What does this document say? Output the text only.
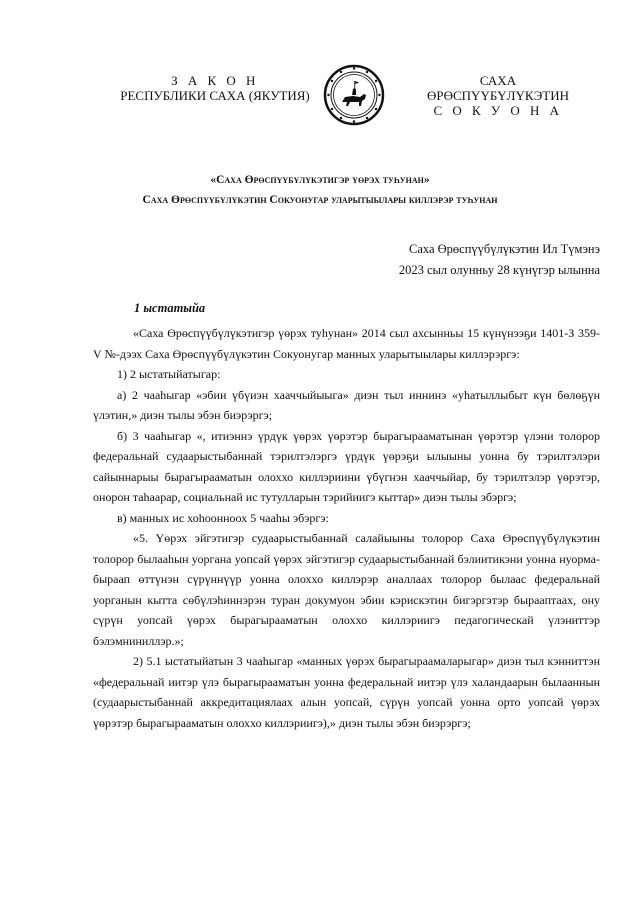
З А К О Н
РЕСПУБЛИКИ САХА (ЯКУТИЯ)
САХА ӨРӨСПҮҮБҮЛҮКЭТИН
С О К У О Н А
«Саха Өрөспүүбүлүкэтигэр үөрэх туһунан»
Саха Өрөспүүбүлүкэтин Сокуонугар уларытыылары киллэрэр туһунан
Саха Өрөспүүбүлүкэтин Ил Түмэнэ
2023 сыл олунньу 28 күнүгэр ылынна
1 ыстатыйа

«Саха Өрөспүүбүлүкэтигэр үөрэх туһунан» 2014 сыл ахсынньы 15 күнүнээҕи 1401-З 359-V №-дээх Саха Өрөспүүбүлүкэтин Сокуонугар манных уларытыылары киллэрэргэ:

1) 2 ыстатыйатыгар:

а) 2 чааһыгар «эбии үбүиэн хааччыйыыга» диэн тыл иннинэ «уһатыллыбыт күн бөлөҕүн үлэтин,» диэн тылы эбэн биэрэргэ;

б) 3 чааһыгар «, итиэннэ үрдүк үөрэх үөрэтэр бырагырааматынан үөрэтэр үлэни толорор федеральнай судаарыстыбаннай тэрилтэлэргэ үрдүк үөрэҕи ылыыны уонна бу тэрилтэлэри сайыннарыы бырагырааматын олоххо киллэриини үбүгнэн хааччыйар, бу тэрилтэлэр үөрэтэр, онорон таһаарар, социальнай ис тутулларын тэрийиигэ кыттар» диэн тылы эбэргэ;

в) манных ис хоһоонноох 5 чааһы эбэргэ:

«5. Үөрэх эйгэтигэр судаарыстыбаннай салайыыны толорор Саха Өрөспүүбүлүкэтин толорор былааһын уоргана уопсай үөрэх эйгэтигэр судаарыстыбаннай бэлиитикэни уонна нуорма-быраап өттүнэн сүрүннүүр уонна олоххо киллэрэр аналлаах толорор былаас федеральнай уорганын кытта сөбүлэһиннэрэн туран докумуон эбии кэрискэтин бигэргэтэр бырааптаах, ону сүрүн уопсай үөрэх бырагырааматын олоххо киллэриигэ педагогическай үлэниттэр бэлэмниниллэр.»;

2) 5.1 ыстатыйатын 3 чааһыгар «манных үөрэх бырагыраамаларыгар» диэн тыл кэнниттэн «федеральнай иитэр үлэ бырагырааматын уонна федеральнай иитэр үлэ халандаарын былааннын (судаарыстыбаннай аккредитациялаах алын уопсай, сүрүн уопсай уонна орто уопсай үөрэх үөрэтэр бырагырааматын олоххо киллэриигэ),» диэн тылы эбэн биэрэргэ;
